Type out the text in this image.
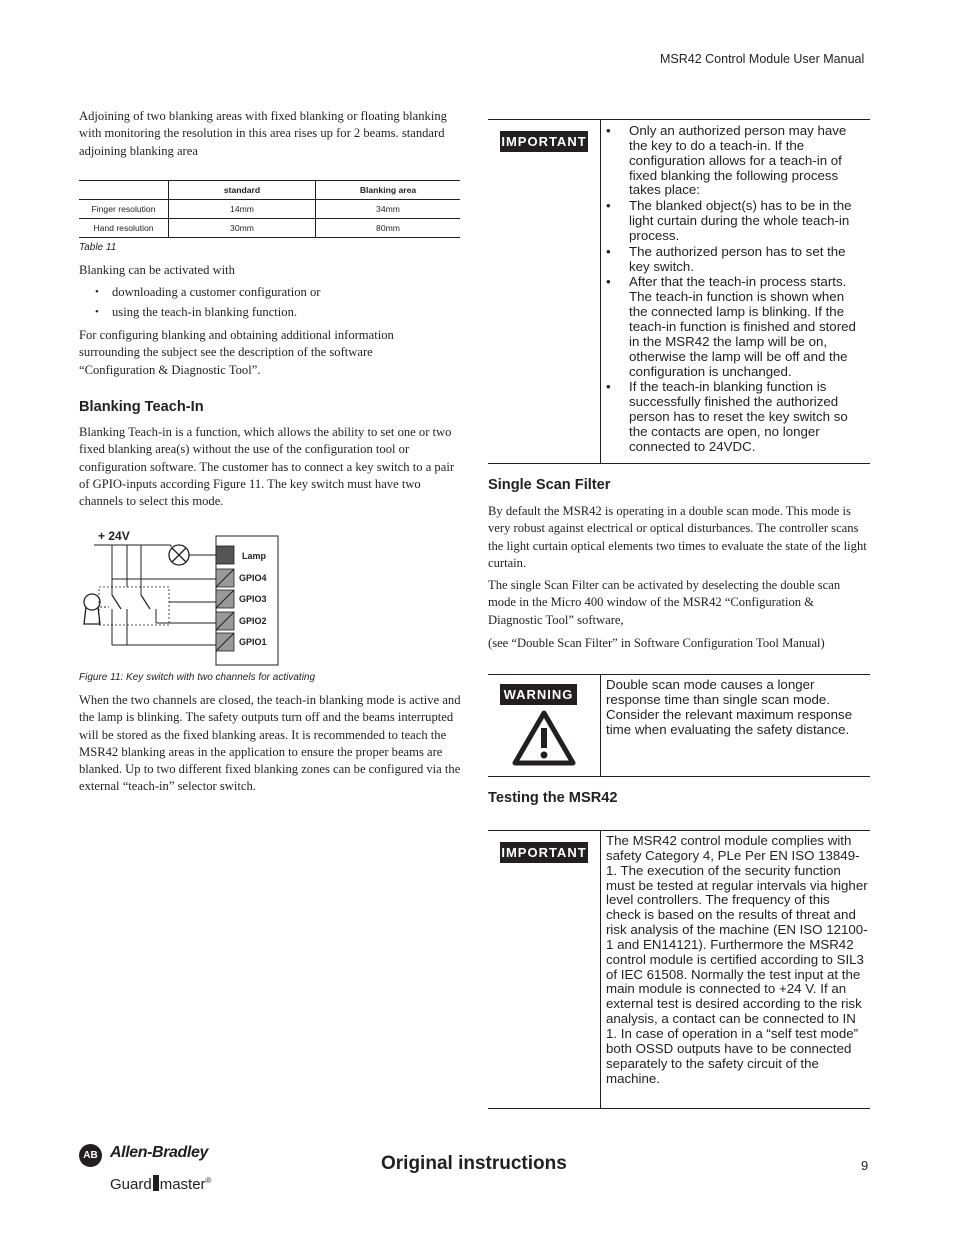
MSR42 Control Module User Manual

Adjoining of two blanking areas with fixed blanking or floating blanking with monitoring the resolution in this area rises up for 2 beams. standard adjoining blanking area

	standard	Blanking area
Finger resolution	14mm	34mm
Hand resolution	30mm	80mm
Table 11

Blanking can be activated with

• downloading a customer configuration or
• using the teach-in blanking function.

For configuring blanking and obtaining additional information surrounding the subject see the description of the software “Configuration & Diagnostic Tool”.

Blanking Teach-In

Blanking Teach-in is a function, which allows the ability to set one or two fixed blanking area(s) without the use of the configuration tool or configuration software. The customer has to connect a key switch to a pair of GPIO-inputs according Figure 11. The key switch must have two channels to select this mode.

+ 24V
Lamp
GPIO4
GPIO3
GPIO2
GPIO1
Figure 11: Key switch with two channels for activating

When the two channels are closed, the teach-in blanking mode is active and the lamp is blinking. The safety outputs turn off and the beams interrupted will be stored as the fixed blanking areas. It is recommended to teach the MSR42 blanking areas in the application to ensure the proper beams are blanked. Up to two different fixed blanking zones can be configured via the external “teach-in” selector switch.

IMPORTANT
• Only an authorized person may have the key to do a teach-in. If the configuration allows for a teach-in of fixed blanking the following process takes place:
• The blanked object(s) has to be in the light curtain during the whole teach-in process.
• The authorized person has to set the key switch.
• After that the teach-in process starts. The teach-in function is shown when the connected lamp is blinking. If the teach-in function is finished and stored in the MSR42 the lamp will be on, otherwise the lamp will be off and the configuration is unchanged.
• If the teach-in blanking function is successfully finished the authorized person has to reset the key switch so the contacts are open, no longer connected to 24VDC.
Single Scan Filter

By default the MSR42 is operating in a double scan mode. This mode is very robust against electrical or optical disturbances. The controller scans the light curtain optical elements two times to evaluate the state of the light curtain.

The single Scan Filter can be activated by deselecting the double scan mode in the Micro 400 window of the MSR42 “Configuration & Diagnostic Tool” software,

(see “Double Scan Filter” in Software Configuration Tool Manual)

WARNING
Double scan mode causes a longer response time than single scan mode. Consider the relevant maximum response time when evaluating the safety distance.
Testing the MSR42
IMPORTANT
The MSR42 control module complies with safety Category 4, PLe Per EN ISO 13849-1. The execution of the security function must be tested at regular intervals via higher level controllers. The frequency of this check is based on the results of threat and risk analysis of the machine (EN ISO 12100-1 and EN14121). Furthermore the MSR42 control module is certified according to SIL3 of IEC 61508. Normally the test input at the main module is connected to +24 V. If an external test is desired according to the risk analysis, a contact can be connected to IN 1. In case of operation in a “self test mode” both OSSD outputs have to be connected separately to the safety circuit of the machine.
AB Allen-Bradley
Guard master®
Original instructions	9
